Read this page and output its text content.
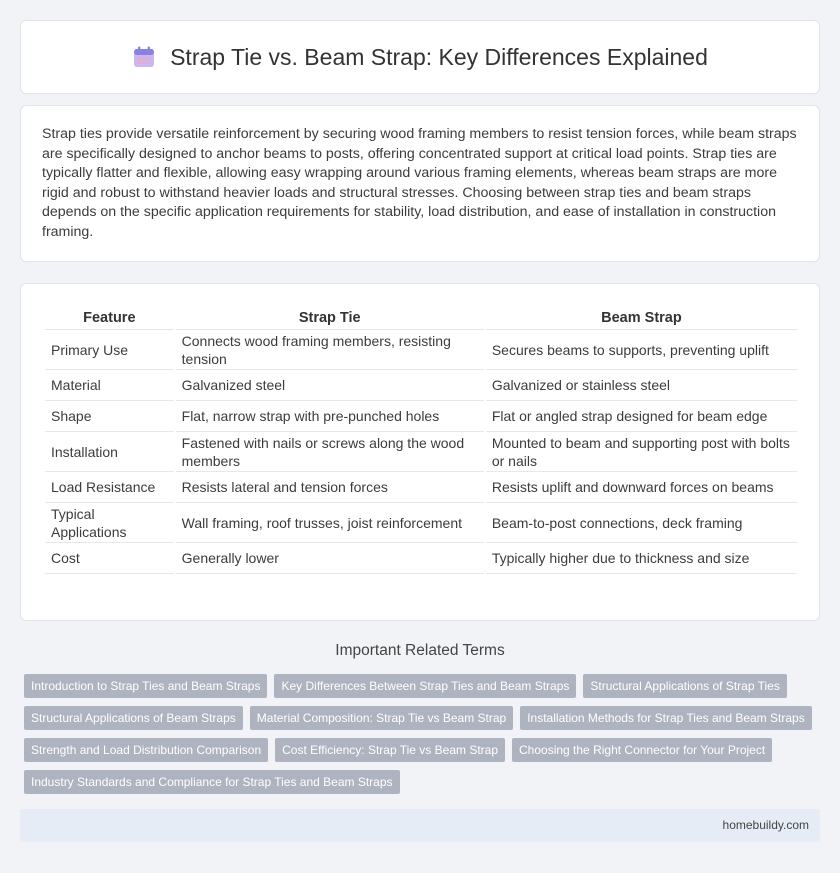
Strap Tie vs. Beam Strap: Key Differences Explained

Strap ties provide versatile reinforcement by securing wood framing members to resist tension forces, while beam straps are specifically designed to anchor beams to posts, offering concentrated support at critical load points. Strap ties are typically flatter and flexible, allowing easy wrapping around various framing elements, whereas beam straps are more rigid and robust to withstand heavier loads and structural stresses. Choosing between strap ties and beam straps depends on the specific application requirements for stability, load distribution, and ease of installation in construction framing.

Feature	Strap Tie	Beam Strap
Primary Use	Connects wood framing members, resisting tension	Secures beams to supports, preventing uplift
Material	Galvanized steel	Galvanized or stainless steel
Shape	Flat, narrow strap with pre-punched holes	Flat or angled strap designed for beam edge
Installation	Fastened with nails or screws along the wood members	Mounted to beam and supporting post with bolts or nails
Load Resistance	Resists lateral and tension forces	Resists uplift and downward forces on beams
Typical Applications	Wall framing, roof trusses, joist reinforcement	Beam-to-post connections, deck framing
Cost	Generally lower	Typically higher due to thickness and size
Important Related Terms
Introduction to Strap Ties and Beam Straps	Key Differences Between Strap Ties and Beam Straps	Structural Applications of Strap Ties
Structural Applications of Beam Straps	Material Composition: Strap Tie vs Beam Strap	Installation Methods for Strap Ties and Beam Straps
Strength and Load Distribution Comparison	Cost Efficiency: Strap Tie vs Beam Strap	Choosing the Right Connector for Your Project
Industry Standards and Compliance for Strap Ties and Beam Straps
homebuildy.com
